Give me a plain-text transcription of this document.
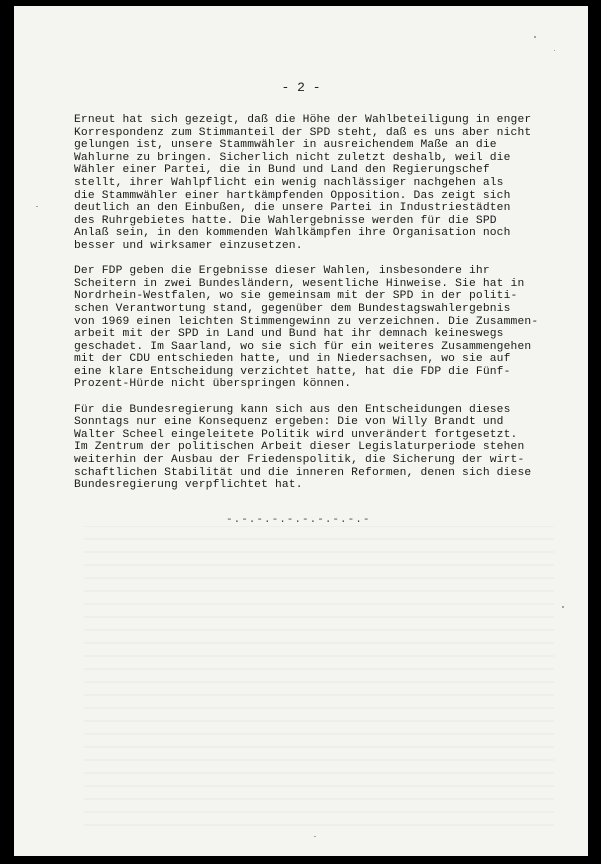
- 2 -
Erneut hat sich gezeigt, daß die Höhe der Wahlbeteiligung in enger
Korrespondenz zum Stimmanteil der SPD steht, daß es uns aber nicht
gelungen ist, unsere Stammwähler in ausreichendem Maße an die
Wahlurne zu bringen. Sicherlich nicht zuletzt deshalb, weil die
Wähler einer Partei, die in Bund und Land den Regierungschef
stellt, ihrer Wahlpflicht ein wenig nachlässiger nachgehen als
die Stammwähler einer hartkämpfenden Opposition. Das zeigt sich
deutlich an den Einbußen, die unsere Partei in Industriestädten
des Ruhrgebietes hatte. Die Wahlergebnisse werden für die SPD
Anlaß sein, in den kommenden Wahlkämpfen ihre Organisation noch
besser und wirksamer einzusetzen.
Der FDP geben die Ergebnisse dieser Wahlen, insbesondere ihr
Scheitern in zwei Bundesländern, wesentliche Hinweise. Sie hat in
Nordrhein-Westfalen, wo sie gemeinsam mit der SPD in der politi-
schen Verantwortung stand, gegenüber dem Bundestagswahlergebnis
von 1969 einen leichten Stimmengewinn zu verzeichnen. Die Zusammen-
arbeit mit der SPD in Land und Bund hat ihr demnach keineswegs
geschadet. Im Saarland, wo sie sich für ein weiteres Zusammengehen
mit der CDU entschieden hatte, und in Niedersachsen, wo sie auf
eine klare Entscheidung verzichtet hatte, hat die FDP die Fünf-
Prozent-Hürde nicht überspringen können.
Für die Bundesregierung kann sich aus den Entscheidungen dieses
Sonntags nur eine Konsequenz ergeben: Die von Willy Brandt und
Walter Scheel eingeleitete Politik wird unverändert fortgesetzt.
Im Zentrum der politischen Arbeit dieser Legislaturperiode stehen
weiterhin der Ausbau der Friedenspolitik, die Sicherung der wirt-
schaftlichen Stabilität und die inneren Reformen, denen sich diese
Bundesregierung verpflichtet hat.
-.-.-.-.-.-.-.-.-.-
